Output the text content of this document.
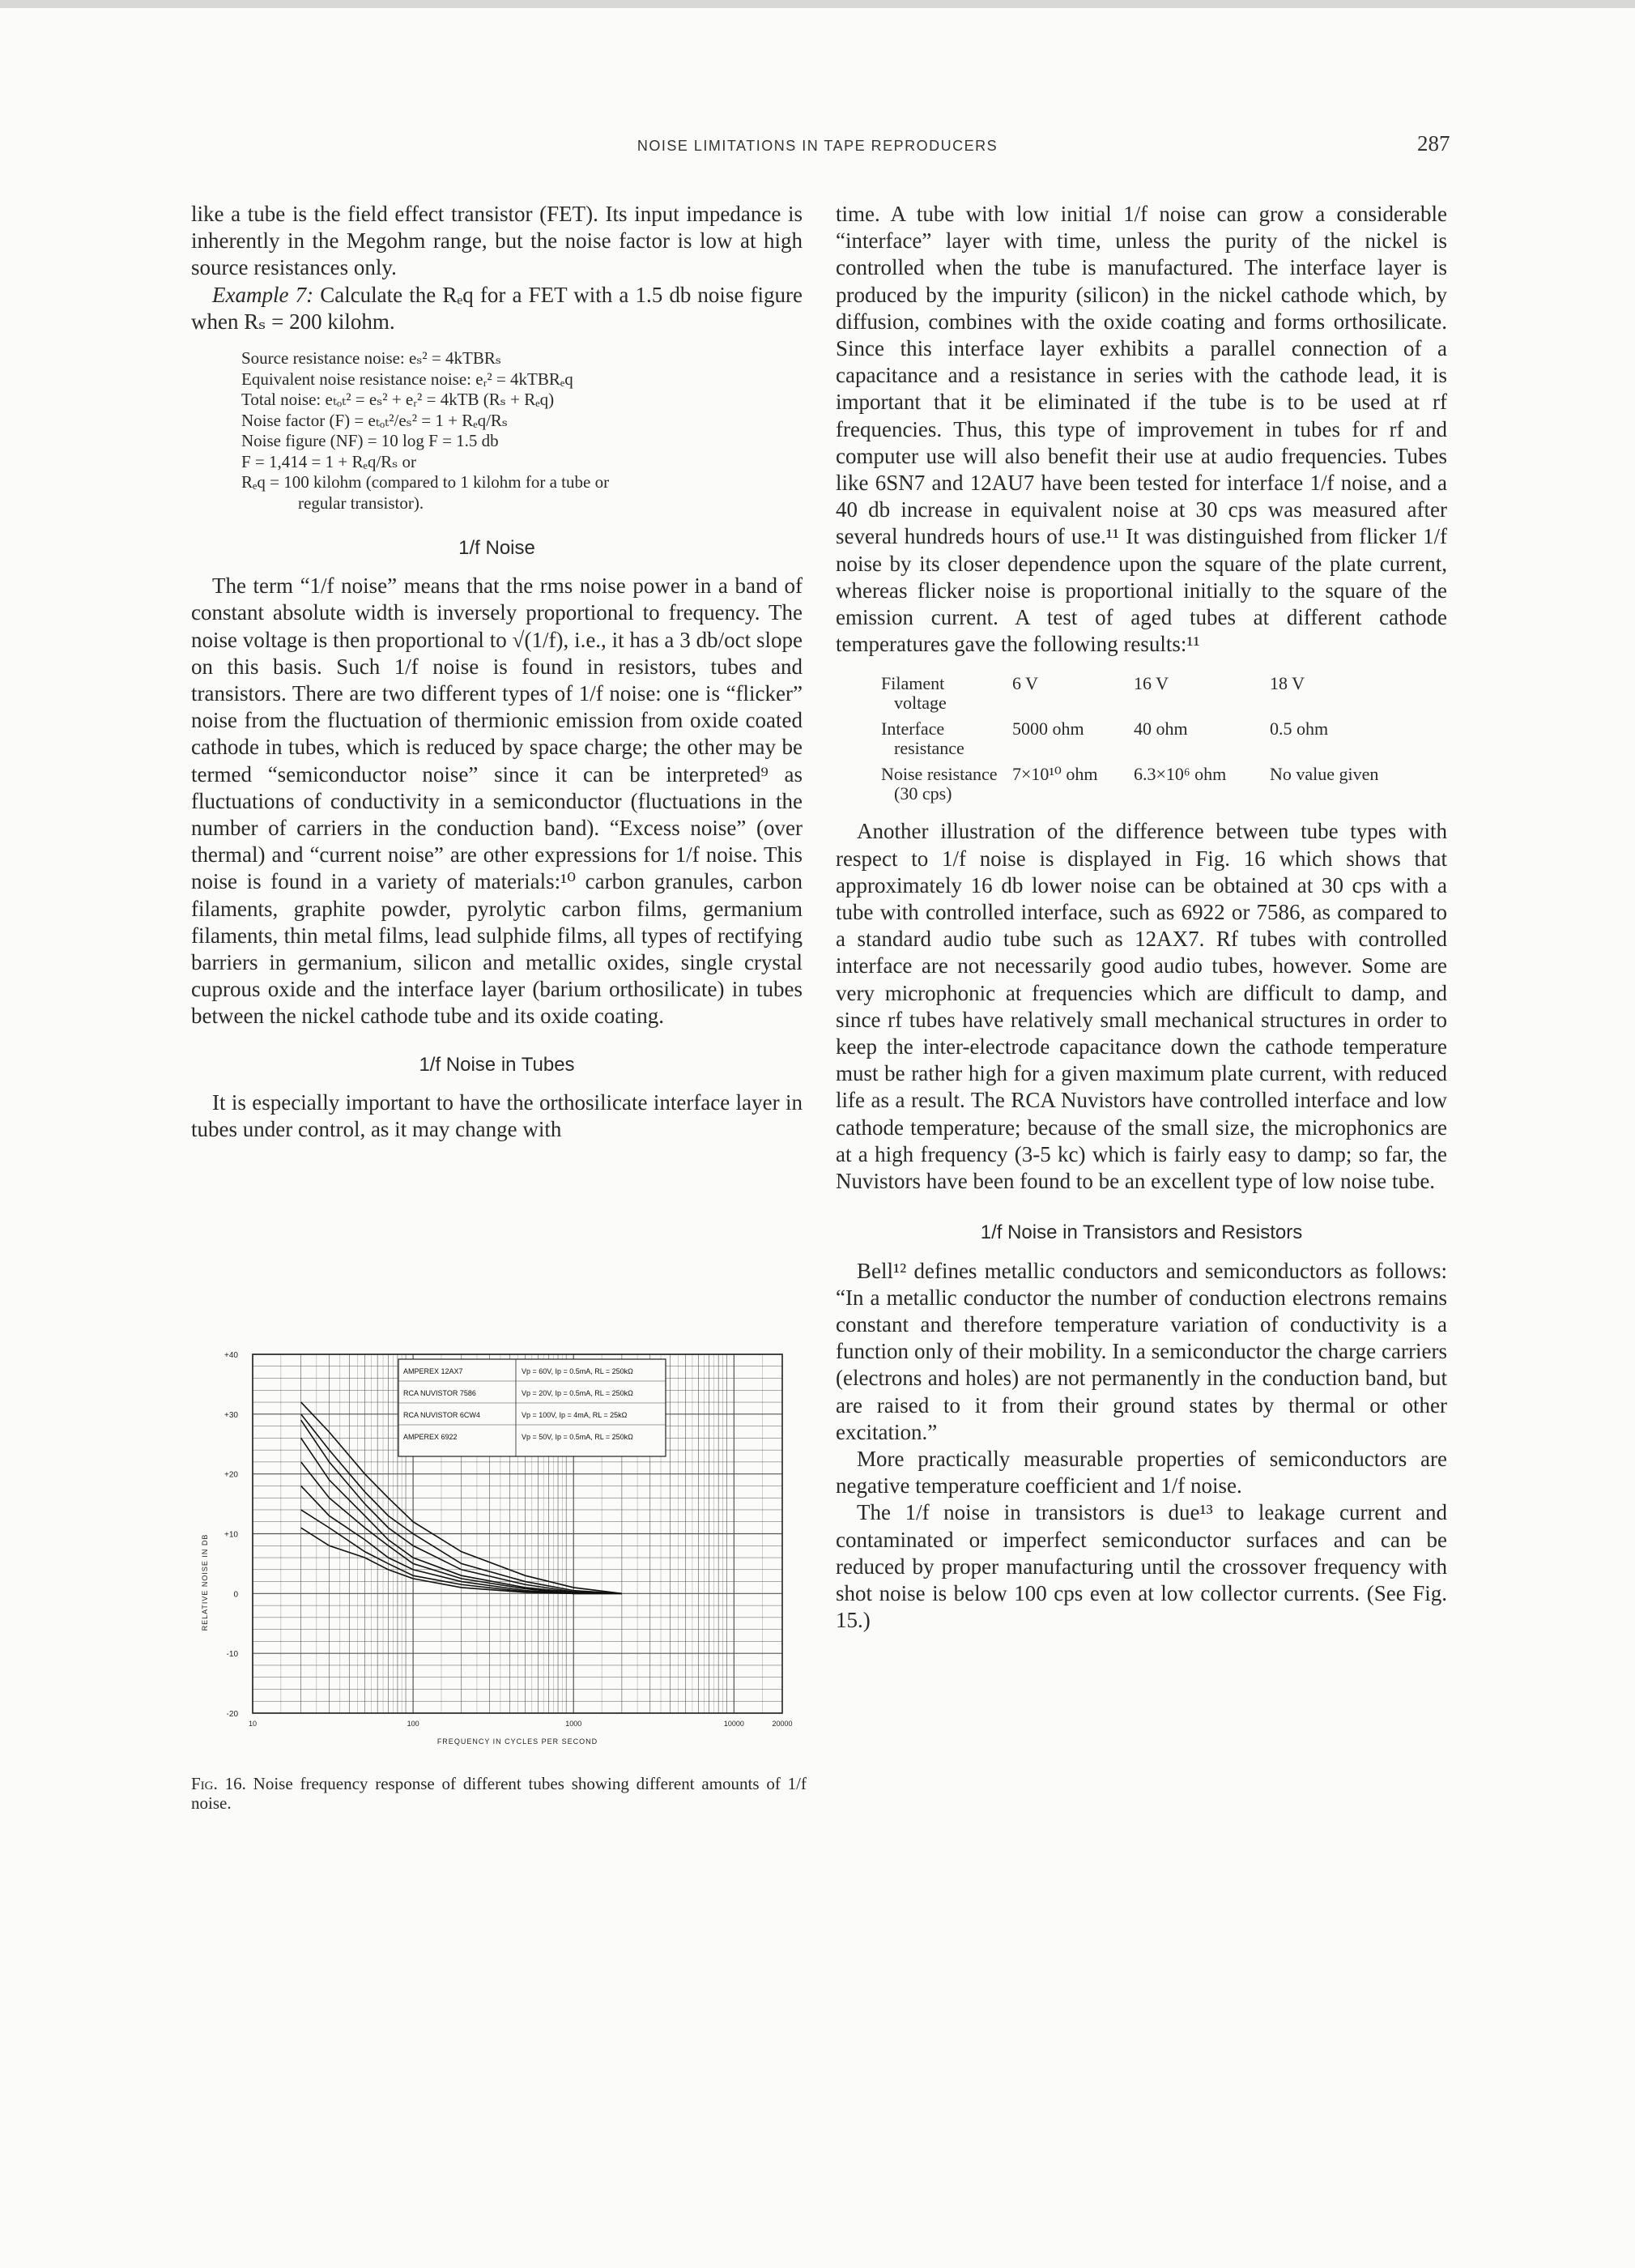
NOISE LIMITATIONS IN TAPE REPRODUCERS	287

like a tube is the field effect transistor (FET). Its input impedance is inherently in the Megohm range, but the noise factor is low at high source resistances only.

Example 7: Calculate the Rₑq for a FET with a 1.5 db noise figure when Rₛ = 200 kilohm.

Source resistance noise: eₛ² = 4kTBRₛ
Equivalent noise resistance noise: eᵣ² = 4kTBRₑq
Total noise: eₜₒₜ² = eₛ² + eᵣ² = 4kTB (Rₛ + Rₑq)
Noise factor (F) = eₜₒₜ²/eₛ² = 1 + Rₑq/Rₛ
Noise figure (NF) = 10 log F = 1.5 db
F = 1,414 = 1 + Rₑq/Rₛ or
Rₑq = 100 kilohm (compared to 1 kilohm for a tube or
regular transistor).
1/f Noise

The term “1/f noise” means that the rms noise power in a band of constant absolute width is inversely proportional to frequency. The noise voltage is then proportional to √(1/f), i.e., it has a 3 db/oct slope on this basis. Such 1/f noise is found in resistors, tubes and transistors. There are two different types of 1/f noise: one is “flicker” noise from the fluctuation of thermionic emission from oxide coated cathode in tubes, which is reduced by space charge; the other may be termed “semiconductor noise” since it can be interpreted⁹ as fluctuations of conductivity in a semiconductor (fluctuations in the number of carriers in the conduction band). “Excess noise” (over thermal) and “current noise” are other expressions for 1/f noise. This noise is found in a variety of materials:¹⁰ carbon granules, carbon filaments, graphite powder, pyrolytic carbon films, germanium filaments, thin metal films, lead sulphide films, all types of rectifying barriers in germanium, silicon and metallic oxides, single crystal cuprous oxide and the interface layer (barium orthosilicate) in tubes between the nickel cathode tube and its oxide coating.

1/f Noise in Tubes

It is especially important to have the orthosilicate interface layer in tubes under control, as it may change with

time. A tube with low initial 1/f noise can grow a considerable “interface” layer with time, unless the purity of the nickel is controlled when the tube is manufactured. The interface layer is produced by the impurity (silicon) in the nickel cathode which, by diffusion, combines with the oxide coating and forms orthosilicate. Since this interface layer exhibits a parallel connection of a capacitance and a resistance in series with the cathode lead, it is important that it be eliminated if the tube is to be used at rf frequencies. Thus, this type of improvement in tubes for rf and computer use will also benefit their use at audio frequencies. Tubes like 6SN7 and 12AU7 have been tested for interface 1/f noise, and a 40 db increase in equivalent noise at 30 cps was measured after several hundreds hours of use.¹¹ It was distinguished from flicker 1/f noise by its closer dependence upon the square of the plate current, whereas flicker noise is proportional initially to the square of the emission current. A test of aged tubes at different cathode temperatures gave the following results:¹¹

Filament
voltage
6 V	16 V	18 V
Interface
resistance
5000 ohm	40 ohm	0.5 ohm
Noise resistance
(30 cps)
7×10¹⁰ ohm	6.3×10⁶ ohm	No value given

Another illustration of the difference between tube types with respect to 1/f noise is displayed in Fig. 16 which shows that approximately 16 db lower noise can be obtained at 30 cps with a tube with controlled interface, such as 6922 or 7586, as compared to a standard audio tube such as 12AX7. Rf tubes with controlled interface are not necessarily good audio tubes, however. Some are very microphonic at frequencies which are difficult to damp, and since rf tubes have relatively small mechanical structures in order to keep the inter-electrode capacitance down the cathode temperature must be rather high for a given maximum plate current, with reduced life as a result. The RCA Nuvistors have controlled interface and low cathode temperature; because of the small size, the microphonics are at a high frequency (3-5 kc) which is fairly easy to damp; so far, the Nuvistors have been found to be an excellent type of low noise tube.

1/f Noise in Transistors and Resistors

Bell¹² defines metallic conductors and semiconductors as follows: “In a metallic conductor the number of conduction electrons remains constant and therefore temperature variation of conductivity is a function only of their mobility. In a semiconductor the charge carriers (electrons and holes) are not permanently in the conduction band, but are raised to it from their ground states by thermal or other excitation.”

More practically measurable properties of semiconductors are negative temperature coefficient and 1/f noise.

The 1/f noise in transistors is due¹³ to leakage current and contaminated or imperfect semiconductor surfaces and can be reduced by proper manufacturing until the crossover frequency with shot noise is below 100 cps even at low collector currents. (See Fig. 15.)

+40
+30
+20
+10
0
-10
-20
10	100	1000	10000	20000
FREQUENCY IN CYCLES PER SECOND
RELATIVE NOISE IN DB
AMPEREX 12AX7	Vp = 60V, Ip = 0.5mA, RL = 250kΩ
RCA NUVISTOR 7586	Vp = 20V, Ip = 0.5mA, RL = 250kΩ
RCA NUVISTOR 6CW4	Vp = 100V, Ip = 4mA, RL = 25kΩ
AMPEREX 6922	Vp = 50V, Ip = 0.5mA, RL = 250kΩ
Fig. 16. Noise frequency response of different tubes showing different amounts of 1/f noise.
